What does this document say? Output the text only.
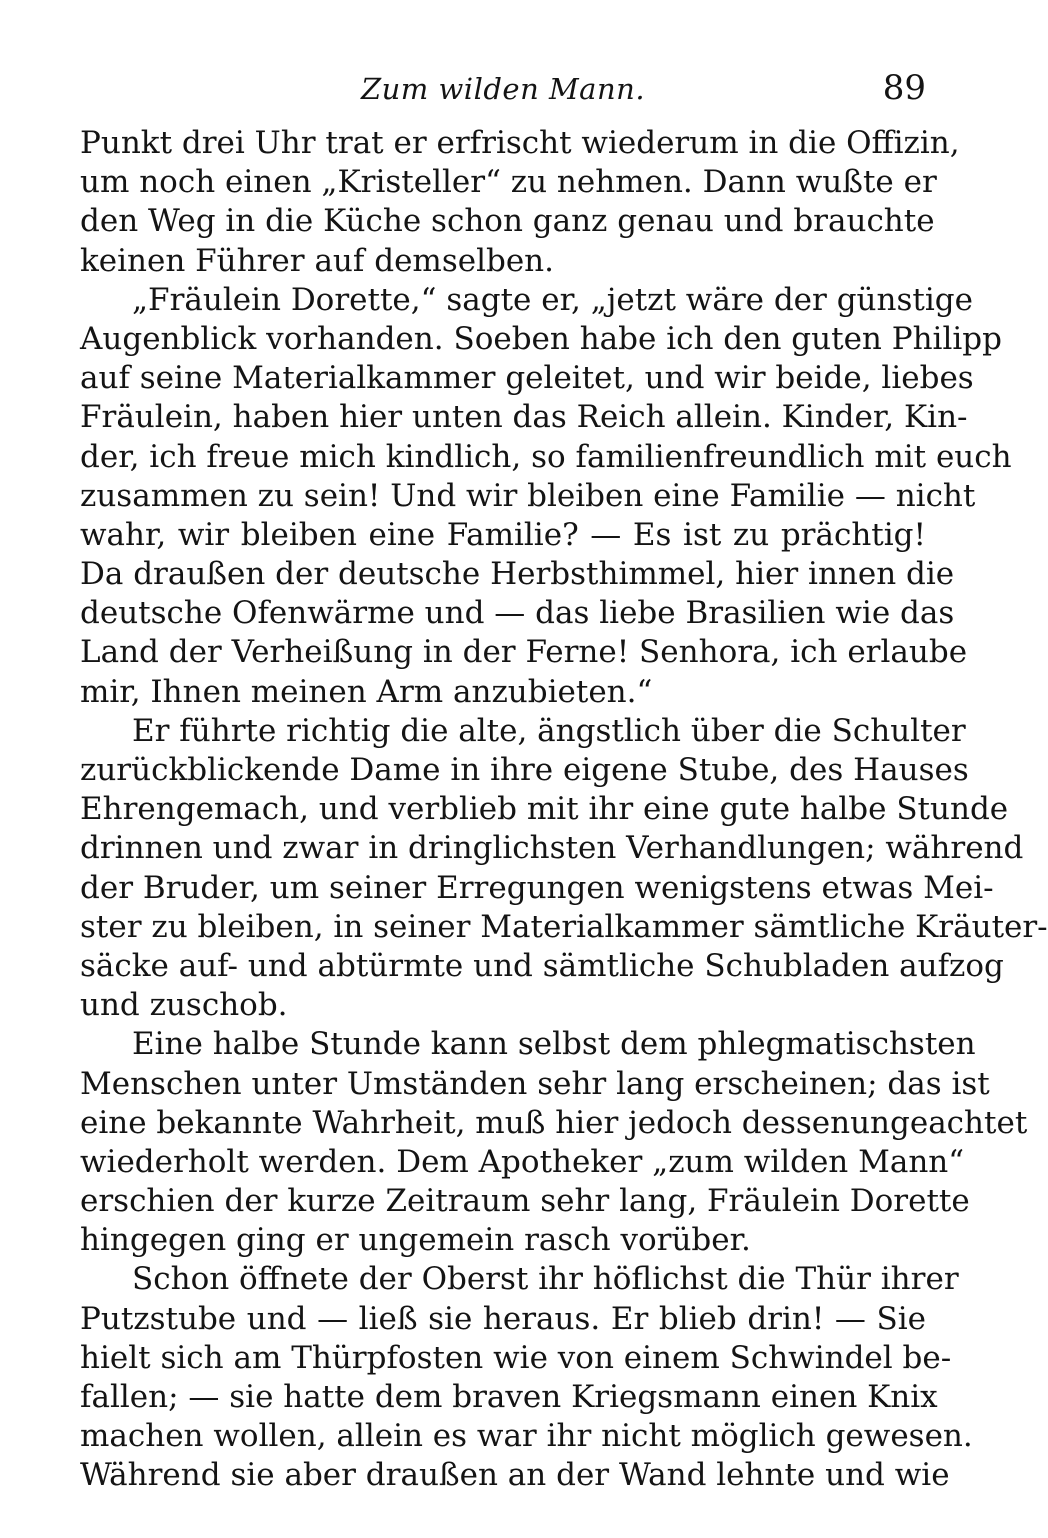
Zum wilden Mann.	89
Punkt drei Uhr trat er erfrischt wiederum in die Offizin,
um noch einen „Kristeller“ zu nehmen. Dann wußte er
den Weg in die Küche schon ganz genau und brauchte
keinen Führer auf demselben.
„Fräulein Dorette,“ sagte er, „jetzt wäre der günstige
Augenblick vorhanden. Soeben habe ich den guten Philipp
auf seine Materialkammer geleitet, und wir beide, liebes
Fräulein, haben hier unten das Reich allein. Kinder, Kin-
der, ich freue mich kindlich, so familienfreundlich mit euch
zusammen zu sein! Und wir bleiben eine Familie — nicht
wahr, wir bleiben eine Familie? — Es ist zu prächtig!
Da draußen der deutsche Herbsthimmel, hier innen die
deutsche Ofenwärme und — das liebe Brasilien wie das
Land der Verheißung in der Ferne! Senhora, ich erlaube
mir, Ihnen meinen Arm anzubieten.“
Er führte richtig die alte, ängstlich über die Schulter
zurückblickende Dame in ihre eigene Stube, des Hauses
Ehrengemach, und verblieb mit ihr eine gute halbe Stunde
drinnen und zwar in dringlichsten Verhandlungen; während
der Bruder, um seiner Erregungen wenigstens etwas Mei-
ster zu bleiben, in seiner Materialkammer sämtliche Kräuter-
säcke auf- und abtürmte und sämtliche Schubladen aufzog
und zuschob.
Eine halbe Stunde kann selbst dem phlegmatischsten
Menschen unter Umständen sehr lang erscheinen; das ist
eine bekannte Wahrheit, muß hier jedoch dessenungeachtet
wiederholt werden. Dem Apotheker „zum wilden Mann“
erschien der kurze Zeitraum sehr lang, Fräulein Dorette
hingegen ging er ungemein rasch vorüber.
Schon öffnete der Oberst ihr höflichst die Thür ihrer
Putzstube und — ließ sie heraus. Er blieb drin! — Sie
hielt sich am Thürpfosten wie von einem Schwindel be-
fallen; — sie hatte dem braven Kriegsmann einen Knix
machen wollen, allein es war ihr nicht möglich gewesen.
Während sie aber draußen an der Wand lehnte und wie
